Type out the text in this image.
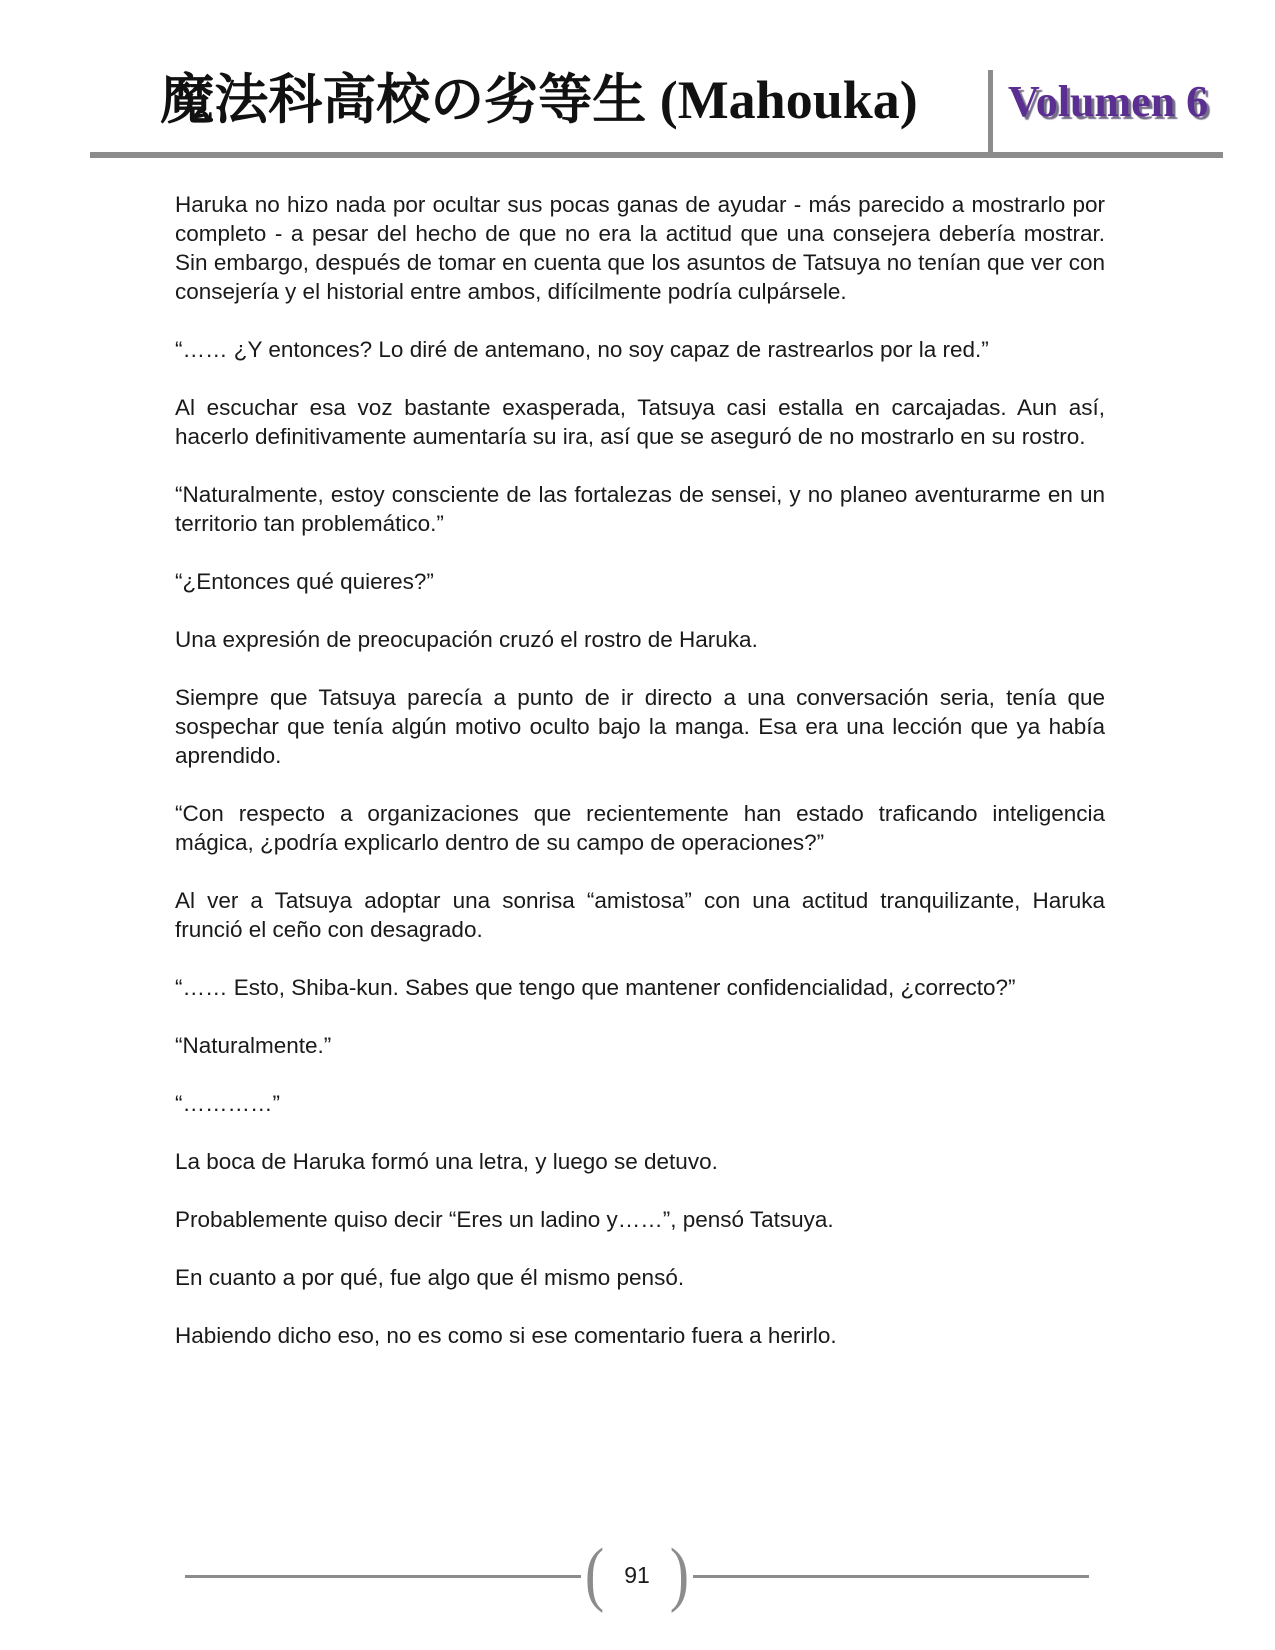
魔法科高校の劣等生 (Mahouka)	Volumen 6

Haruka no hizo nada por ocultar sus pocas ganas de ayudar - más parecido a mostrarlo por completo - a pesar del hecho de que no era la actitud que una consejera debería mostrar. Sin embargo, después de tomar en cuenta que los asuntos de Tatsuya no tenían que ver con consejería y el historial entre ambos, difícilmente podría culpársele.

“…… ¿Y entonces? Lo diré de antemano, no soy capaz de rastrearlos por la red.”

Al escuchar esa voz bastante exasperada, Tatsuya casi estalla en carcajadas. Aun así, hacerlo definitivamente aumentaría su ira, así que se aseguró de no mostrarlo en su rostro.

“Naturalmente, estoy consciente de las fortalezas de sensei, y no planeo aventurarme en un territorio tan problemático.”

“¿Entonces qué quieres?”

Una expresión de preocupación cruzó el rostro de Haruka.

Siempre que Tatsuya parecía a punto de ir directo a una conversación seria, tenía que sospechar que tenía algún motivo oculto bajo la manga. Esa era una lección que ya había aprendido.

“Con respecto a organizaciones que recientemente han estado traficando inteligencia mágica, ¿podría explicarlo dentro de su campo de operaciones?”

Al ver a Tatsuya adoptar una sonrisa “amistosa” con una actitud tranquilizante, Haruka frunció el ceño con desagrado.

“…… Esto, Shiba-kun. Sabes que tengo que mantener confidencialidad, ¿correcto?”

“Naturalmente.”

“…………”

La boca de Haruka formó una letra, y luego se detuvo.

Probablemente quiso decir “Eres un ladino y……”, pensó Tatsuya.

En cuanto a por qué, fue algo que él mismo pensó.

Habiendo dicho eso, no es como si ese comentario fuera a herirlo.

( 91 )
